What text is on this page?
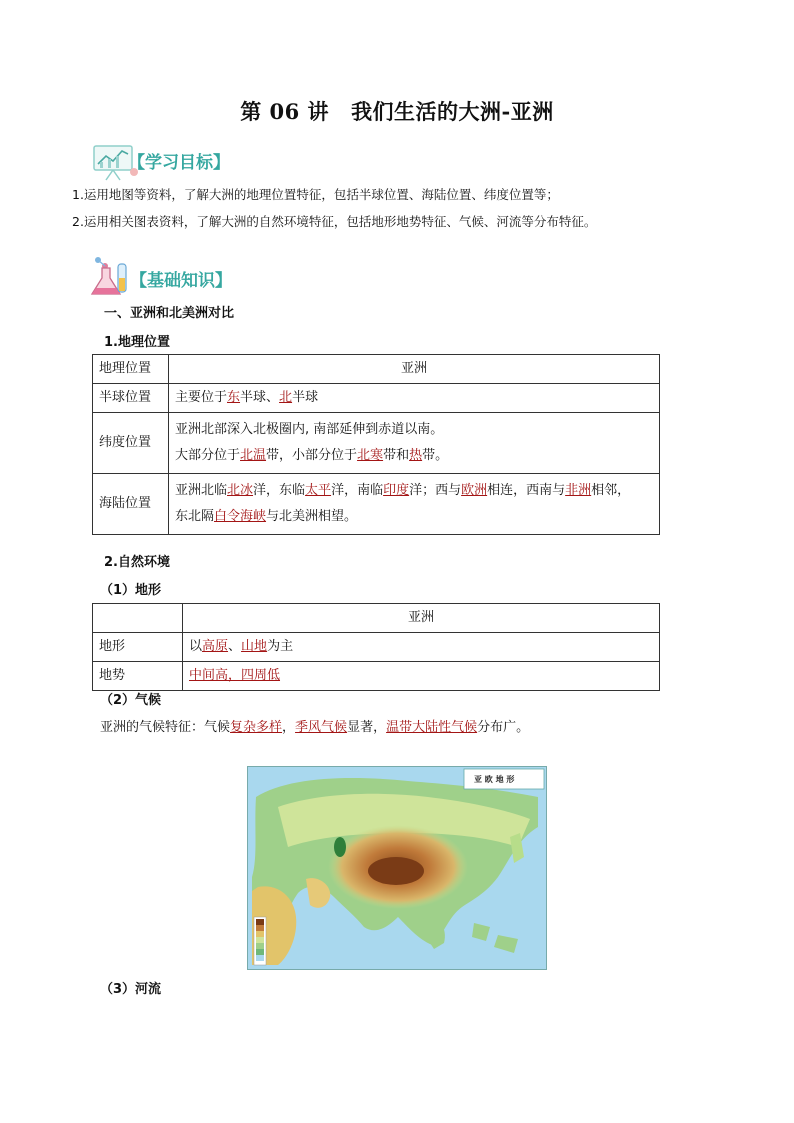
第 06 讲 我们生活的大洲-亚洲
【学习目标】
1.运用地图等资料，了解大洲的地理位置特征，包括半球位置、海陆位置、纬度位置等；
2.运用相关图表资料，了解大洲的自然环境特征，包括地形地势特征、气候、河流等分布特征。
【基础知识】
一、亚洲和北美洲对比
1.地理位置
地理位置	亚洲
半球位置	主要位于东半球、北半球
纬度位置	亚洲北部深入北极圈内, 南部延伸到赤道以南。
大部分位于北温带，小部分位于北寒带和热带。

海陆位置	亚洲北临北冰洋，东临太平洋，南临印度洋；西与欧洲相连，西南与非洲相邻，
东北隔白令海峡与北美洲相望。
2.自然环境
（1）地形
	亚洲
地形	以高原、山地为主
地势	中间高，四周低
（2）气候
亚洲的气候特征：气候复杂多样，季风气候显著，温带大陆性气候分布广。
亚 欧 地 形
（3）河流
